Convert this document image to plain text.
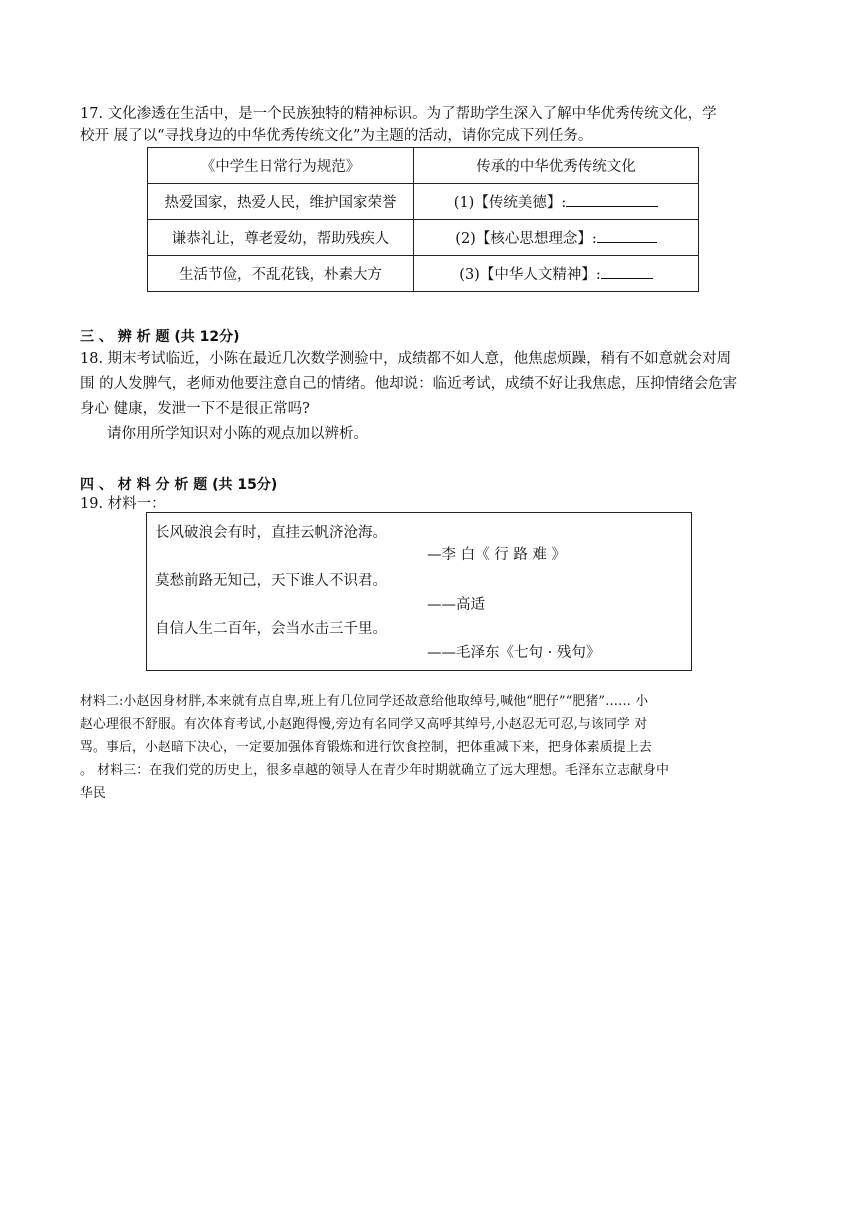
17. 文化渗透在生活中，是一个民族独特的精神标识。为了帮助学生深入了解中华优秀传统文化，学
校开 展了以“寻找身边的中华优秀传统文化”为主题的活动，请你完成下列任务。
《中学生日常行为规范》	传承的中华优秀传统文化
热爱国家，热爱人民，维护国家荣誉	(1)【传统美德】:
谦恭礼让，尊老爱幼，帮助残疾人	(2)【核心思想理念】:
生活节俭，不乱花钱，朴素大方	(3)【中华人文精神】:
三 、 辨 析 题 (共 12分)
18. 期末考试临近，小陈在最近几次数学测验中，成绩都不如人意，他焦虑烦躁，稍有不如意就会对周
围 的人发脾气，老师劝他要注意自己的情绪。他却说：临近考试，成绩不好让我焦虑，压抑情绪会危害
身心 健康，发泄一下不是很正常吗?
请你用所学知识对小陈的观点加以辨析。
四 、 材 料 分 析 题 (共 15分)
19. 材料一：
长风破浪会有时，直挂云帆济沧海。
—李 白《 行 路 难 》
莫愁前路无知己，天下谁人不识君。
——高适
自信人生二百年，会当水击三千里。
——毛泽东《七句 · 残句》
材料二:小赵因身材胖,本来就有点自卑,班上有几位同学还故意给他取绰号,喊他“肥仔”“肥猪”…… 小
赵心理很不舒服。有次体育考试,小赵跑得慢,旁边有名同学又高呼其绰号,小赵忍无可忍,与该同学 对
骂。事后，小赵暗下决心，一定要加强体育锻炼和进行饮食控制，把体重减下来，把身体素质提上去
。 材料三：在我们党的历史上，很多卓越的领导人在青少年时期就确立了远大理想。毛泽东立志献身中
华民
